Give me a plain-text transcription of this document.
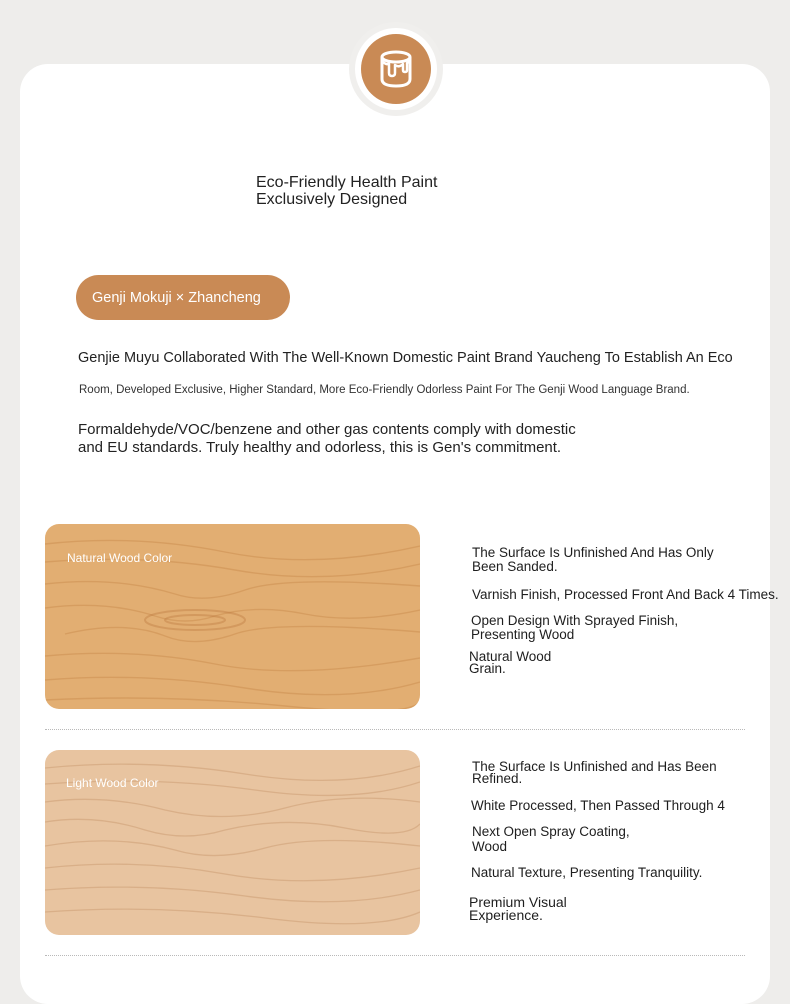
Eco-Friendly Health Paint
Exclusively Designed
Genji Mokuji × Zhancheng
Genjie Muyu Collaborated With The Well-Known Domestic Paint Brand Yaucheng To Establish An Eco
Room, Developed Exclusive, Higher Standard, More Eco-Friendly Odorless Paint For The Genji Wood Language Brand.
Formaldehyde/VOC/benzene and other gas contents comply with domestic
and EU standards. Truly healthy and odorless, this is Gen's commitment.
Natural Wood Color	The Surface Is Unfinished And Has Only
Been Sanded.
Varnish Finish, Processed Front And Back 4 Times.
Open Design With Sprayed Finish,
Presenting Wood
Natural Wood
Grain.
Light Wood Color
The Surface Is Unfinished and Has Been
Refined.
White Processed, Then Passed Through 4
Next Open Spray Coating,
Wood
Natural Texture, Presenting Tranquility.
Premium Visual
Experience.
